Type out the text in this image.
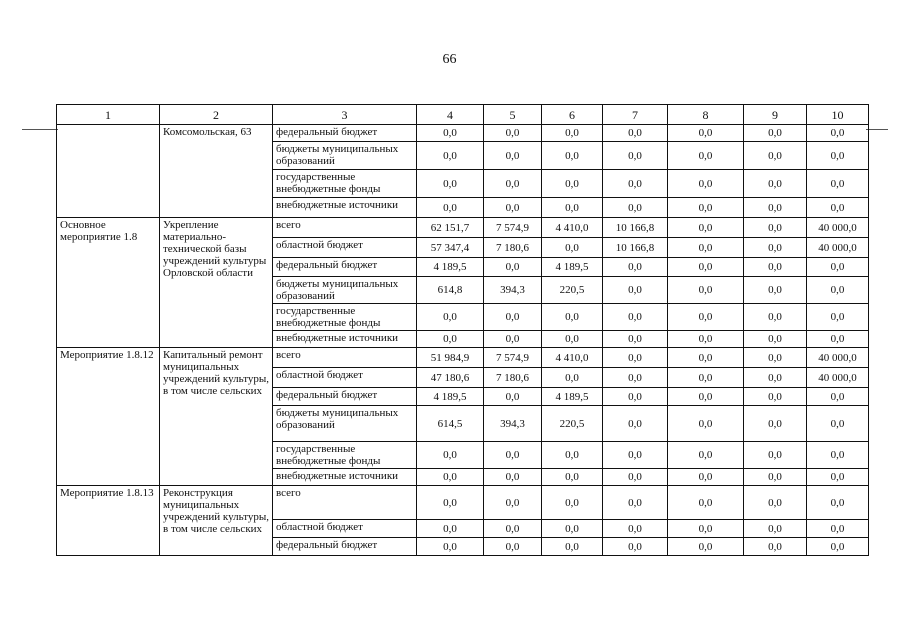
66
1	2	3	4	5	6	7	8	9	10
	Комсомольская, 63	федеральный бюджет	0,0	0,0	0,0	0,0	0,0	0,0	0,0
		бюджеты муниципальных образований	0,0	0,0	0,0	0,0	0,0	0,0	0,0
		государственные внебюджетные фонды	0,0	0,0	0,0	0,0	0,0	0,0	0,0
		внебюджетные источники	0,0	0,0	0,0	0,0	0,0	0,0	0,0
Основное мероприятие 1.8	Укрепление материально-технической базы учреждений культуры Орловской области	всего	62 151,7	7 574,9	4 410,0	10 166,8	0,0	0,0	40 000,0
		областной бюджет	57 347,4	7 180,6	0,0	10 166,8	0,0	0,0	40 000,0
		федеральный бюджет	4 189,5	0,0	4 189,5	0,0	0,0	0,0	0,0
		бюджеты муниципальных образований	614,8	394,3	220,5	0,0	0,0	0,0	0,0
		государственные внебюджетные фонды	0,0	0,0	0,0	0,0	0,0	0,0	0,0
		внебюджетные источники	0,0	0,0	0,0	0,0	0,0	0,0	0,0
Мероприятие 1.8.12	Капитальный ремонт муниципальных учреждений культуры, в том числе сельских	всего	51 984,9	7 574,9	4 410,0	0,0	0,0	0,0	40 000,0
		областной бюджет	47 180,6	7 180,6	0,0	0,0	0,0	0,0	40 000,0
		федеральный бюджет	4 189,5	0,0	4 189,5	0,0	0,0	0,0	0,0
		бюджеты муниципальных образований	614,5	394,3	220,5	0,0	0,0	0,0	0,0
		государственные внебюджетные фонды	0,0	0,0	0,0	0,0	0,0	0,0	0,0
		внебюджетные источники	0,0	0,0	0,0	0,0	0,0	0,0	0,0
Мероприятие 1.8.13	Реконструкция муниципальных учреждений культуры, в том числе сельских	всего	0,0	0,0	0,0	0,0	0,0	0,0	0,0
		областной бюджет	0,0	0,0	0,0	0,0	0,0	0,0	0,0
		федеральный бюджет	0,0	0,0	0,0	0,0	0,0	0,0	0,0
